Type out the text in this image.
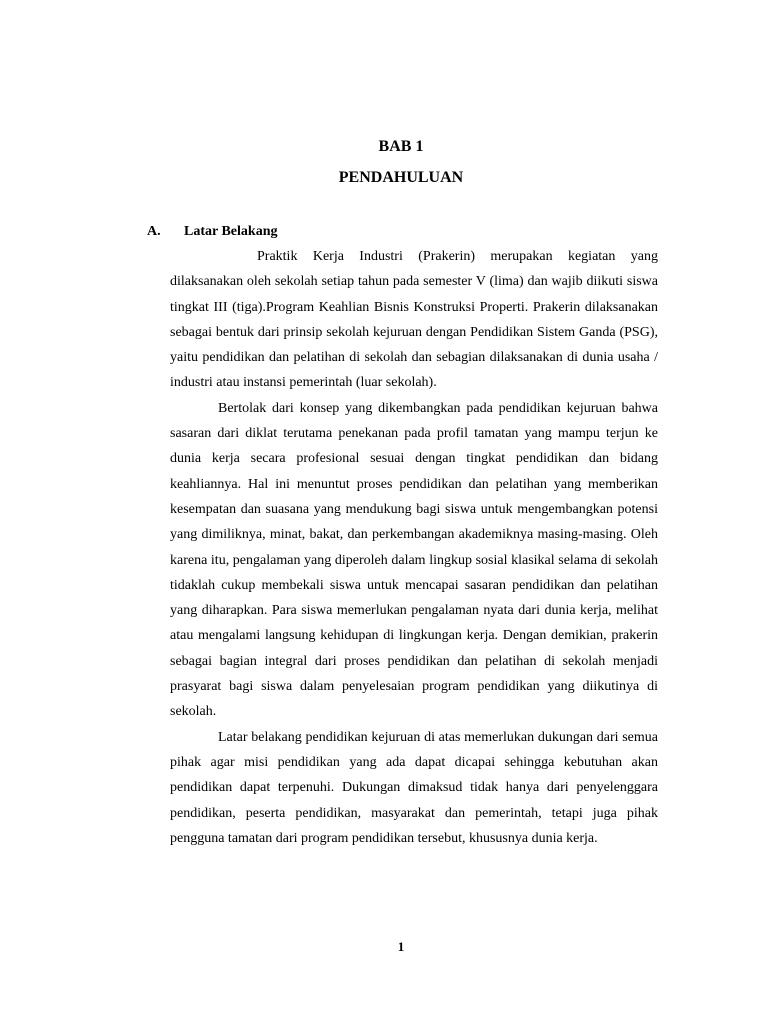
BAB 1
PENDAHULUAN
A. Latar Belakang

Praktik Kerja Industri (Prakerin) merupakan kegiatan yang dilaksanakan oleh sekolah setiap tahun pada semester V (lima) dan wajib diikuti siswa tingkat III (tiga).Program Keahlian Bisnis Konstruksi Properti. Prakerin dilaksanakan sebagai bentuk dari prinsip sekolah kejuruan dengan Pendidikan Sistem Ganda (PSG), yaitu pendidikan dan pelatihan di sekolah dan sebagian dilaksanakan di dunia usaha / industri atau instansi pemerintah (luar sekolah).

Bertolak dari konsep yang dikembangkan pada pendidikan kejuruan bahwa sasaran dari diklat terutama penekanan pada profil tamatan yang mampu terjun ke dunia kerja secara profesional sesuai dengan tingkat pendidikan dan bidang keahliannya. Hal ini menuntut proses pendidikan dan pelatihan yang memberikan kesempatan dan suasana yang mendukung bagi siswa untuk mengembangkan potensi yang dimiliknya, minat, bakat, dan perkembangan akademiknya masing-masing. Oleh karena itu, pengalaman yang diperoleh dalam lingkup sosial klasikal selama di sekolah tidaklah cukup membekali siswa untuk mencapai sasaran pendidikan dan pelatihan yang diharapkan. Para siswa memerlukan pengalaman nyata dari dunia kerja, melihat atau mengalami langsung kehidupan di lingkungan kerja. Dengan demikian, prakerin sebagai bagian integral dari proses pendidikan dan pelatihan di sekolah menjadi prasyarat bagi siswa dalam penyelesaian program pendidikan yang diikutinya di sekolah.

Latar belakang pendidikan kejuruan di atas memerlukan dukungan dari semua pihak agar misi pendidikan yang ada dapat dicapai sehingga kebutuhan akan pendidikan dapat terpenuhi. Dukungan dimaksud tidak hanya dari penyelenggara pendidikan, peserta pendidikan, masyarakat dan pemerintah, tetapi juga pihak pengguna tamatan dari program pendidikan tersebut, khususnya dunia kerja.

1
